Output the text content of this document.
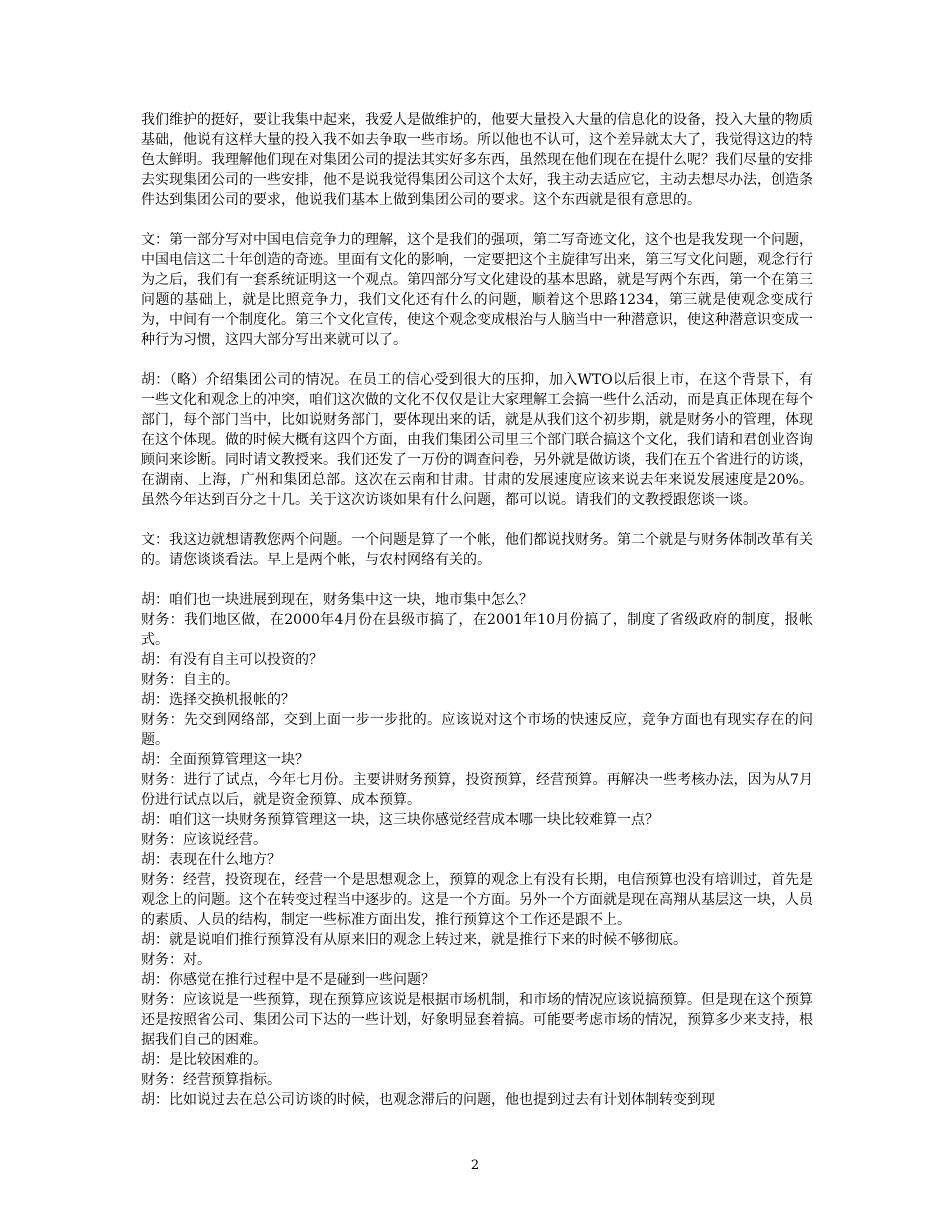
我们维护的挺好，要让我集中起来，我爱人是做维护的，他要大量投入大量的信息化的设备，投入大量的物质基础，他说有这样大量的投入我不如去争取一些市场。所以他也不认可，这个差异就太大了，我觉得这边的特色太鲜明。我理解他们现在对集团公司的提法其实好多东西，虽然现在他们现在在提什么呢？我们尽量的安排去实现集团公司的一些安排，他不是说我觉得集团公司这个太好，我主动去适应它，主动去想尽办法，创造条件达到集团公司的要求，他说我们基本上做到集团公司的要求。这个东西就是很有意思的。

文：第一部分写对中国电信竞争力的理解，这个是我们的强项，第二写奇迹文化，这个也是我发现一个问题，中国电信这二十年创造的奇迹。里面有文化的影响，一定要把这个主旋律写出来，第三写文化问题，观念行行为之后，我们有一套系统证明这一个观点。第四部分写文化建设的基本思路，就是写两个东西，第一个在第三问题的基础上，就是比照竞争力，我们文化还有什么的问题，顺着这个思路1234，第三就是使观念变成行为，中间有一个制度化。第三个文化宣传，使这个观念变成根治与人脑当中一种潜意识，使这种潜意识变成一种行为习惯，这四大部分写出来就可以了。

胡：（略）介绍集团公司的情况。在员工的信心受到很大的压抑，加入WTO以后很上市，在这个背景下，有一些文化和观念上的冲突，咱们这次做的文化不仅仅是让大家理解工会搞一些什么活动，而是真正体现在每个部门，每个部门当中，比如说财务部门，要体现出来的话，就是从我们这个初步期，就是财务小的管理，体现在这个体现。做的时候大概有这四个方面，由我们集团公司里三个部门联合搞这个文化，我们请和君创业咨询顾问来诊断。同时请文教授来。我们还发了一万份的调查问卷，另外就是做访谈，我们在五个省进行的访谈，在湖南、上海，广州和集团总部。这次在云南和甘肃。甘肃的发展速度应该来说去年来说发展速度是20%。虽然今年达到百分之十几。关于这次访谈如果有什么问题，都可以说。请我们的文教授跟您谈一谈。

文：我这边就想请教您两个问题。一个问题是算了一个帐，他们都说找财务。第二个就是与财务体制改革有关的。请您谈谈看法。早上是两个帐，与农村网络有关的。

胡：咱们也一块进展到现在，财务集中这一块，地市集中怎么？

财务：我们地区做，在2000年4月份在县级市搞了，在2001年10月份搞了，制度了省级政府的制度，报帐式。

胡：有没有自主可以投资的？

财务：自主的。

胡：选择交换机报帐的？

财务：先交到网络部，交到上面一步一步批的。应该说对这个市场的快速反应，竞争方面也有现实存在的问题。

胡：全面预算管理这一块？

财务：进行了试点，今年七月份。主要讲财务预算，投资预算，经营预算。再解决一些考核办法，因为从7月份进行试点以后，就是资金预算、成本预算。

胡：咱们这一块财务预算管理这一块，这三块你感觉经营成本哪一块比较难算一点？

财务：应该说经营。

胡：表现在什么地方？

财务：经营，投资现在，经营一个是思想观念上，预算的观念上有没有长期，电信预算也没有培训过，首先是观念上的问题。这个在转变过程当中逐步的。这是一个方面。另外一个方面就是现在高翔从基层这一块，人员的素质、人员的结构，制定一些标准方面出发，推行预算这个工作还是跟不上。

胡：就是说咱们推行预算没有从原来旧的观念上转过来，就是推行下来的时候不够彻底。

财务：对。

胡：你感觉在推行过程中是不是碰到一些问题？

财务：应该说是一些预算，现在预算应该说是根据市场机制，和市场的情况应该说搞预算。但是现在这个预算还是按照省公司、集团公司下达的一些计划，好象明显套着搞。可能要考虑市场的情况，预算多少来支持，根据我们自己的困难。

胡：是比较困难的。

财务：经营预算指标。

胡：比如说过去在总公司访谈的时候，也观念滞后的问题，他也提到过去有计划体制转变到现

2
